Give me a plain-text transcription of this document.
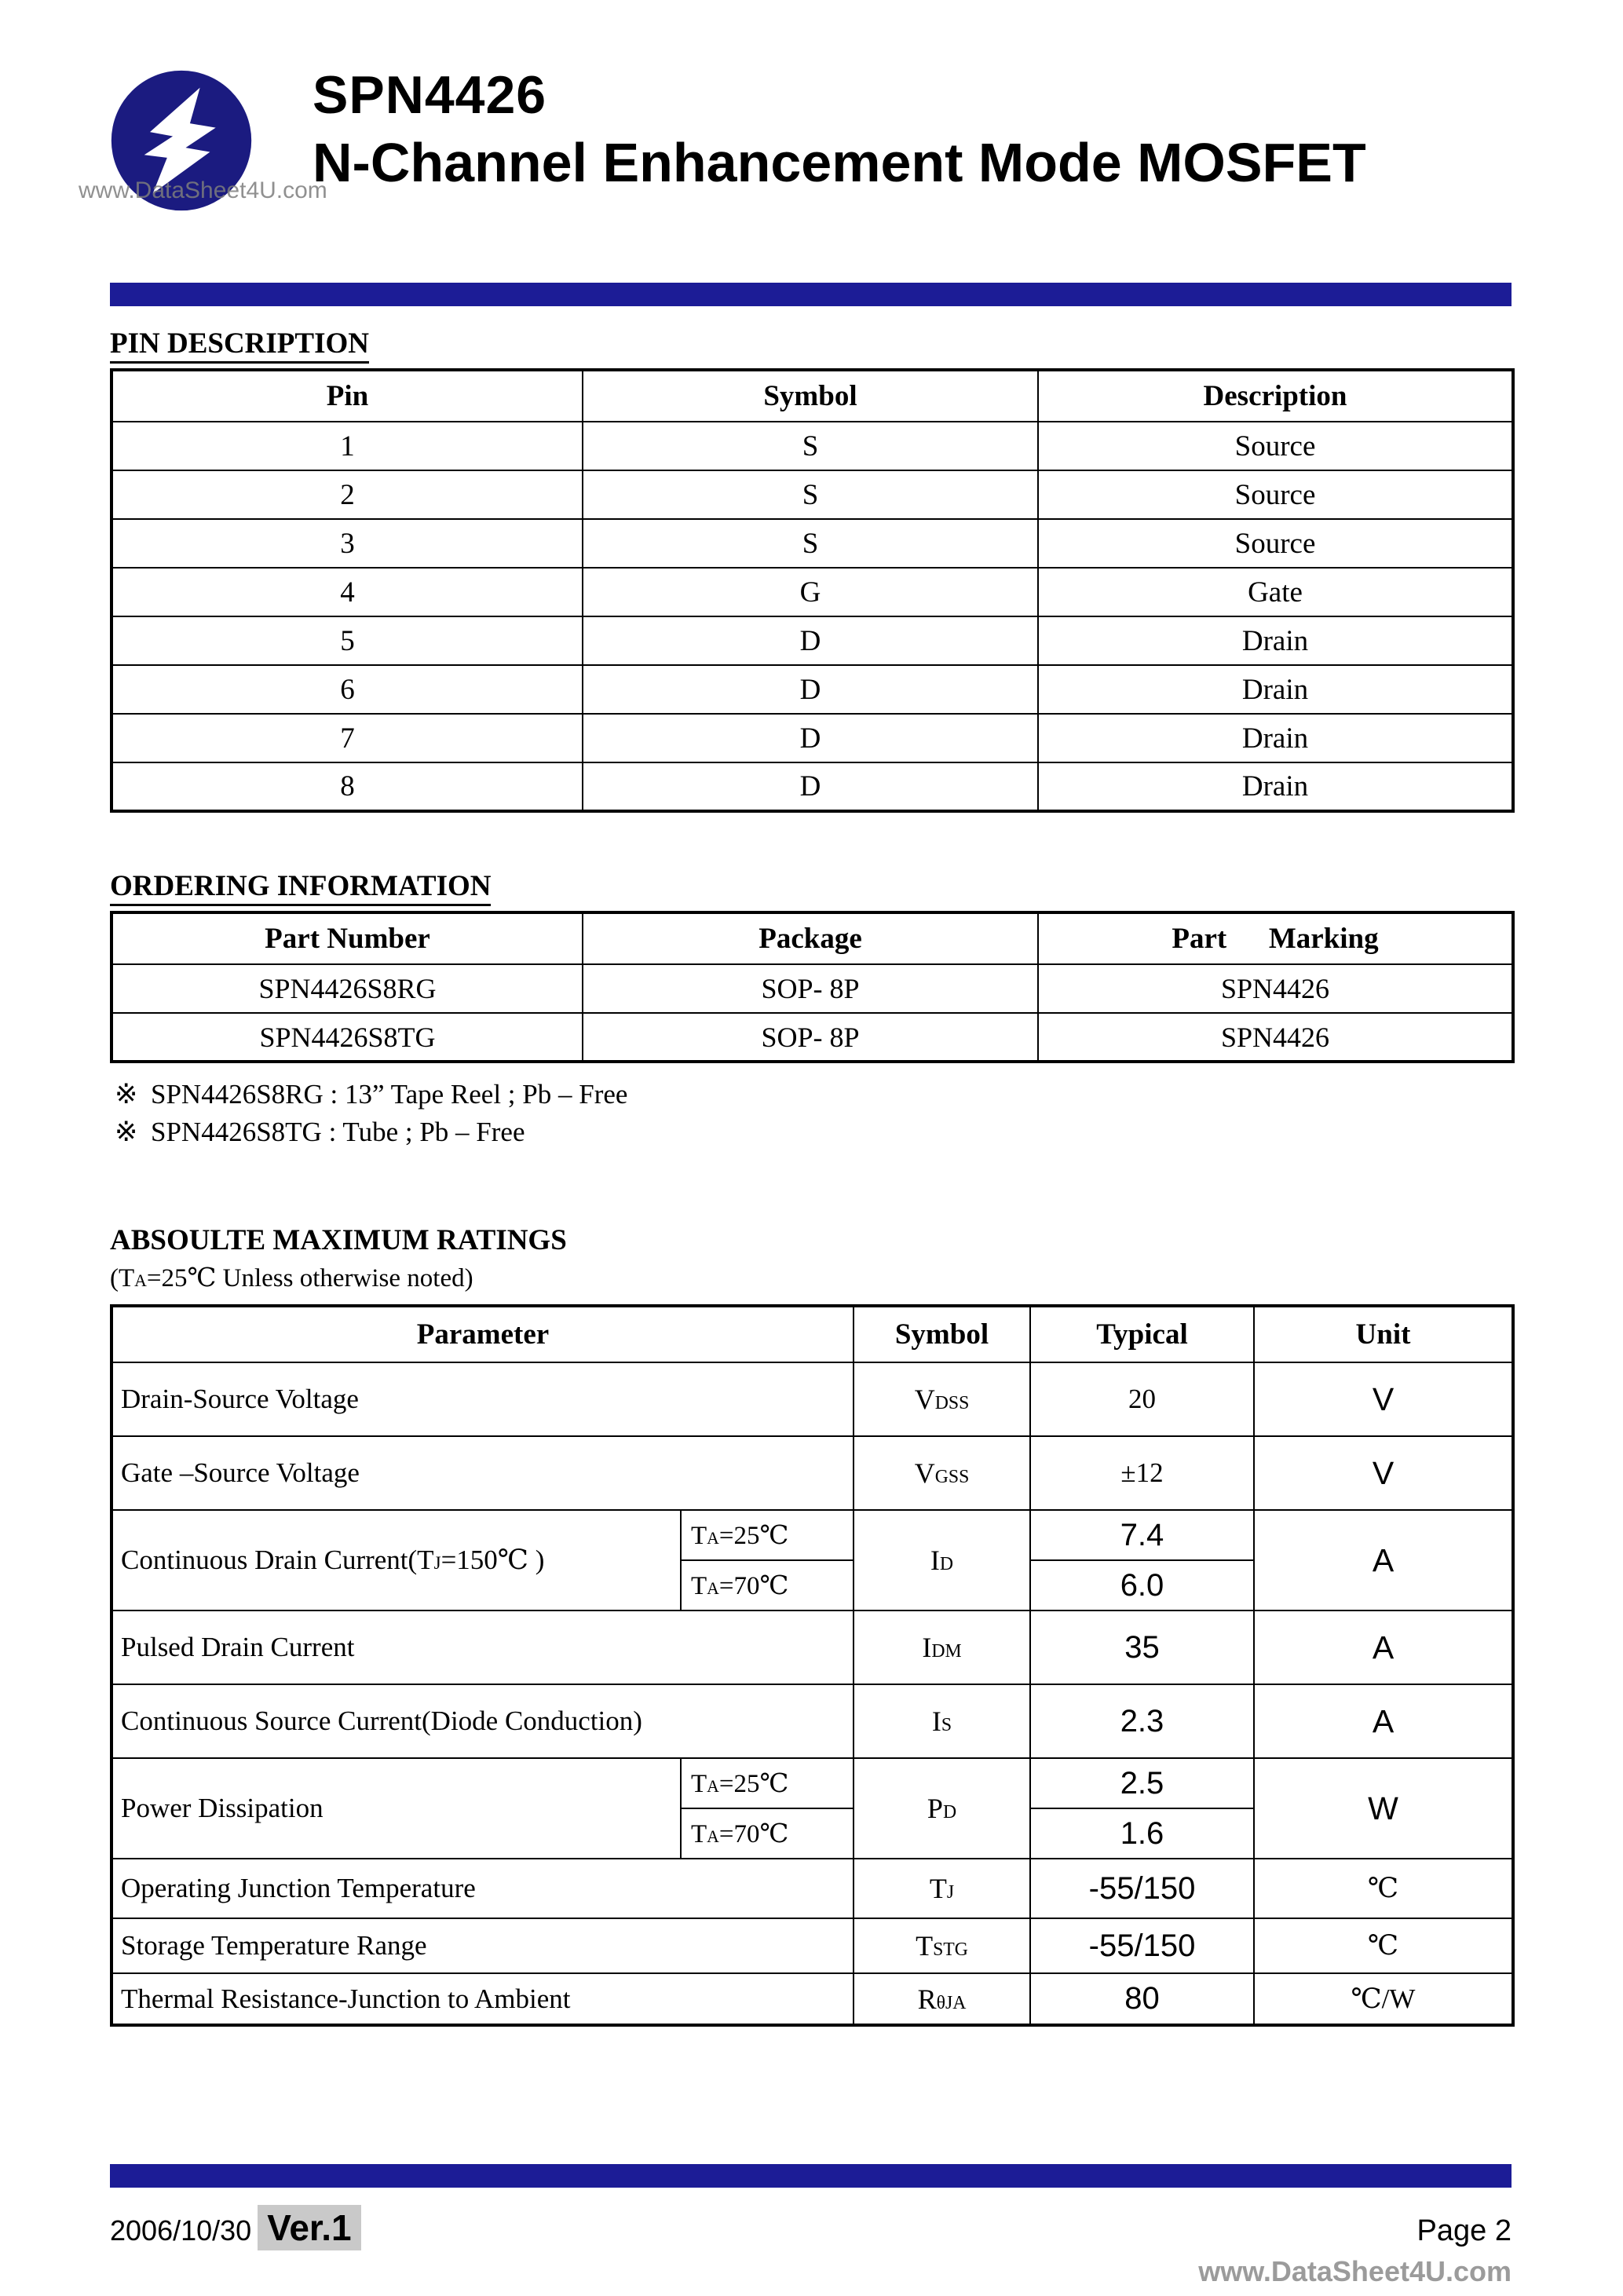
www.DataSheet4U.com
SPN4426
N-Channel Enhancement Mode MOSFET
PIN DESCRIPTION
Pin	Symbol	Description
1	S	Source
2	S	Source
3	S	Source
4	G	Gate
5	D	Drain
6	D	Drain
7	D	Drain
8	D	Drain
ORDERING INFORMATION
Part Number	Package	Part Marking
SPN4426S8RG	SOP- 8P	SPN4426
SPN4426S8TG	SOP- 8P	SPN4426
※ SPN4426S8RG : 13” Tape Reel ; Pb – Free
※ SPN4426S8TG : Tube ; Pb – Free
ABSOULTE MAXIMUM RATINGS
(TA=25℃ Unless otherwise noted)
Parameter		Symbol	Typical	Unit
Drain-Source Voltage		VDSS	20	V
Gate –Source Voltage		VGSS	±12	V
Continuous Drain Current(TJ=150℃ )	TA=25℃	ID	7.4	A
	TA=70℃		6.0	
Pulsed Drain Current		IDM	35	A
Continuous Source Current(Diode Conduction)		IS	2.3	A
Power Dissipation	TA=25℃	PD	2.5	W
	TA=70℃		1.6	
Operating Junction Temperature		TJ	-55/150	℃
Storage Temperature Range		TSTG	-55/150	℃
Thermal Resistance-Junction to Ambient		RθJA	80	℃/W
2006/10/30 Ver.1	Page 2
www.DataSheet4U.com
